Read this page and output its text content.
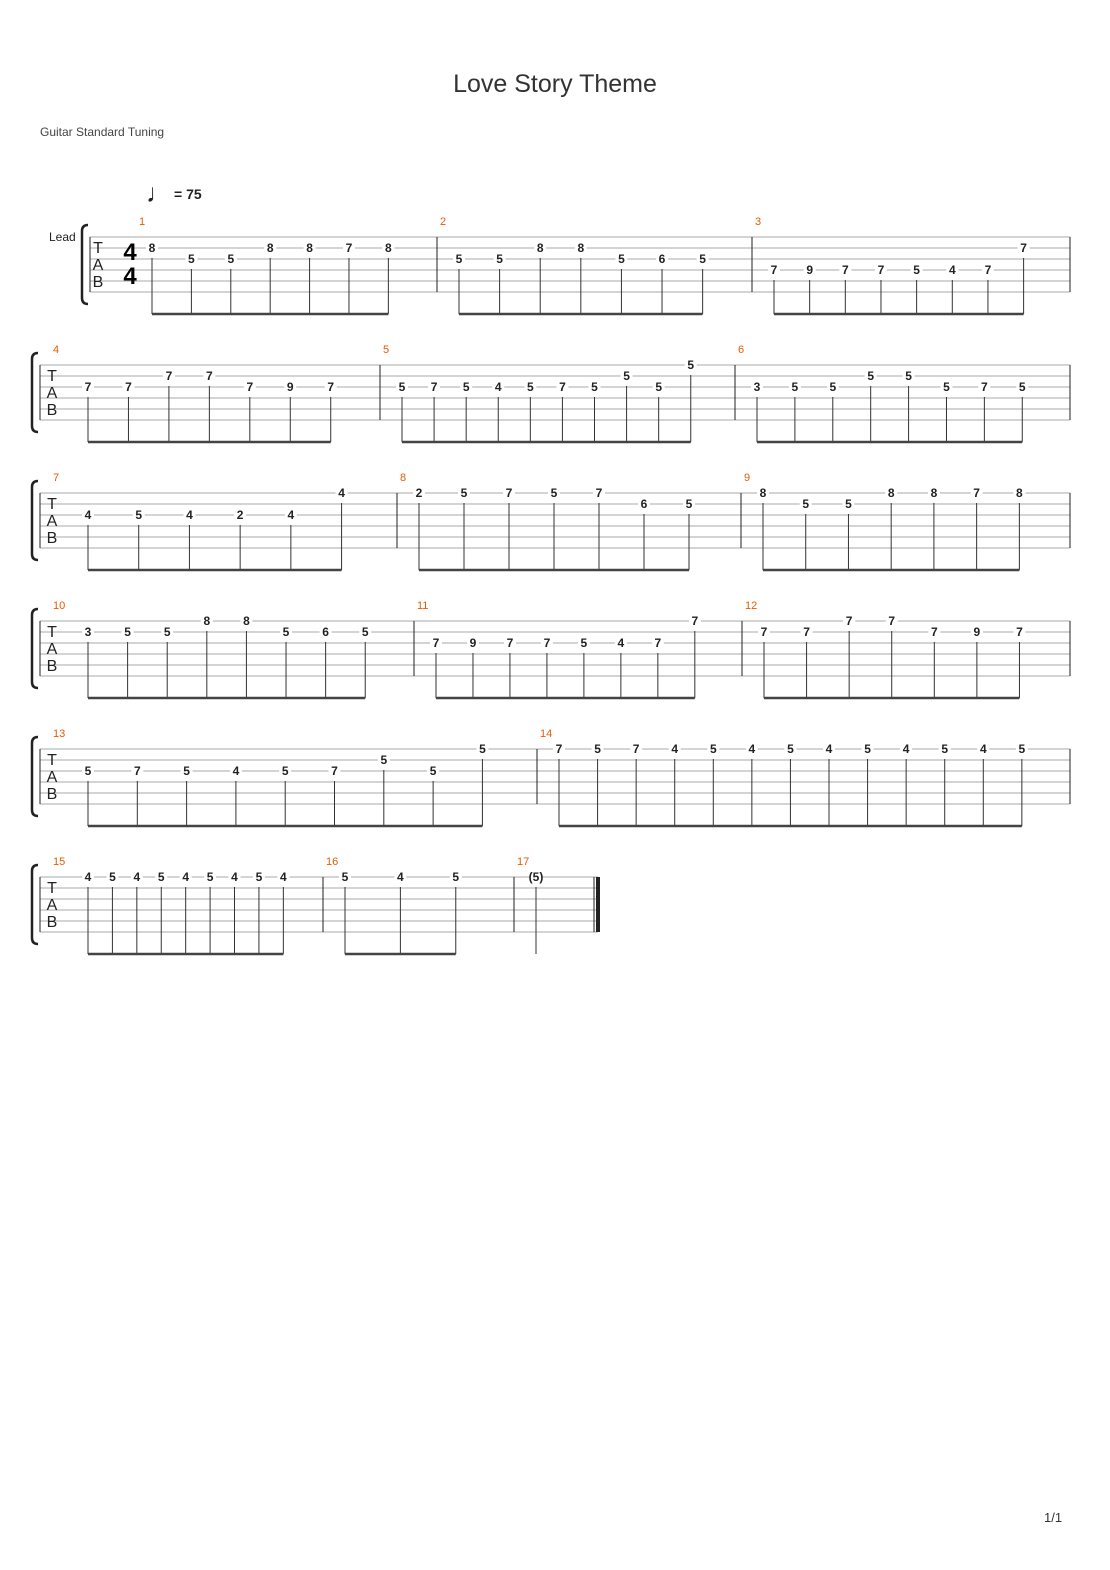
Love Story Theme
Guitar Standard Tuning
♩ = 75
1/1
T
A
B
Lead
4
4
1
8
5	5
8	8	7	8
2
5	5
8	8
5	6	5
3
7 9 7 7 5 4 7
7
T
A
B
4
7	7
7	7
7	9	7
5
5 7 5 4 5 7 5
5
5
5
6
3	5	5
5	5
5	7	5
T
A
B
7
4	5	4	2	4
4
8
2	5	7	5	7
6	5
9
8
5	5
8	8	7	8
T
A
B
10
3	5	5
8	8
5	6	5
11
7	9	7	7	5	4	7
7
12
7	7
7	7
7	9	7
T
A
B
13
5	7	5	4	5	7
5
5
5
14
7	5	7	4	5	4	5	4	5	4	5	4	5
T
A
B
15
4 5 4 5 4 5 4 5 4
16
5	4	5
17
(5)
